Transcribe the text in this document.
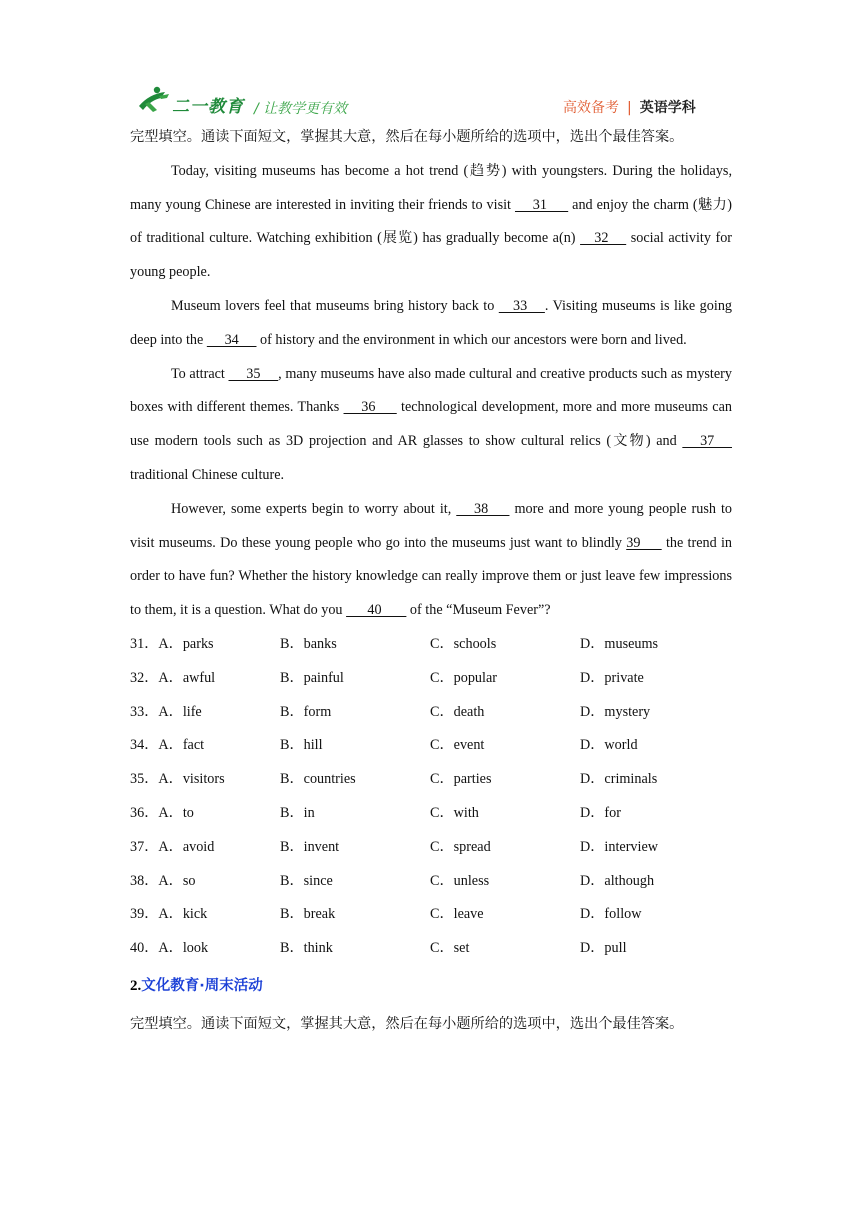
二一教育 / 让教学更有效	高效备考 | 英语学科

完型填空。通读下面短文，掌握其大意，然后在每小题所给的选项中，选出个最佳答案。

Today, visiting museums has become a hot trend (趋势) with youngsters. During the holidays, many young Chinese are interested in inviting their friends to visit      31       and enjoy the charm (魅力) of traditional culture. Watching exhibition (展览) has gradually become a(n)     32      social activity for young people.

Museum lovers feel that museums bring history back to     33     . Visiting museums is like going deep into the      34      of history and the environment in which our ancestors were born and lived.

To attract      35     , many museums have also made cultural and creative products such as mystery boxes with different themes. Thanks      36       technological development, more and more museums can use modern tools such as 3D projection and AR glasses to show cultural relics (文物) and      37      traditional Chinese culture.

However, some experts begin to worry about it,      38       more and more young people rush to visit museums. Do these young people who go into the museums just want to blindly 39       the trend in order to have fun? Whether the history knowledge can really improve them or just leave few impressions to them, it is a question. What do you       40        of the “Museum Fever”?

31．A．parks	B．banks	C．schools	D．museums
32．A．awful	B．painful	C．popular	D．private
33．A．life	B．form	C．death	D．mystery
34．A．fact	B．hill	C．event	D．world
35．A．visitors	B．countries	C．parties	D．criminals
36．A．to	B．in	C．with	D．for
37．A．avoid	B．invent	C．spread	D．interview
38．A．so	B．since	C．unless	D．although
39．A．kick	B．break	C．leave	D．follow
40．A．look	B．think	C．set	D．pull
2.文化教育·周末活动

完型填空。通读下面短文，掌握其大意，然后在每小题所给的选项中，选出个最佳答案。
